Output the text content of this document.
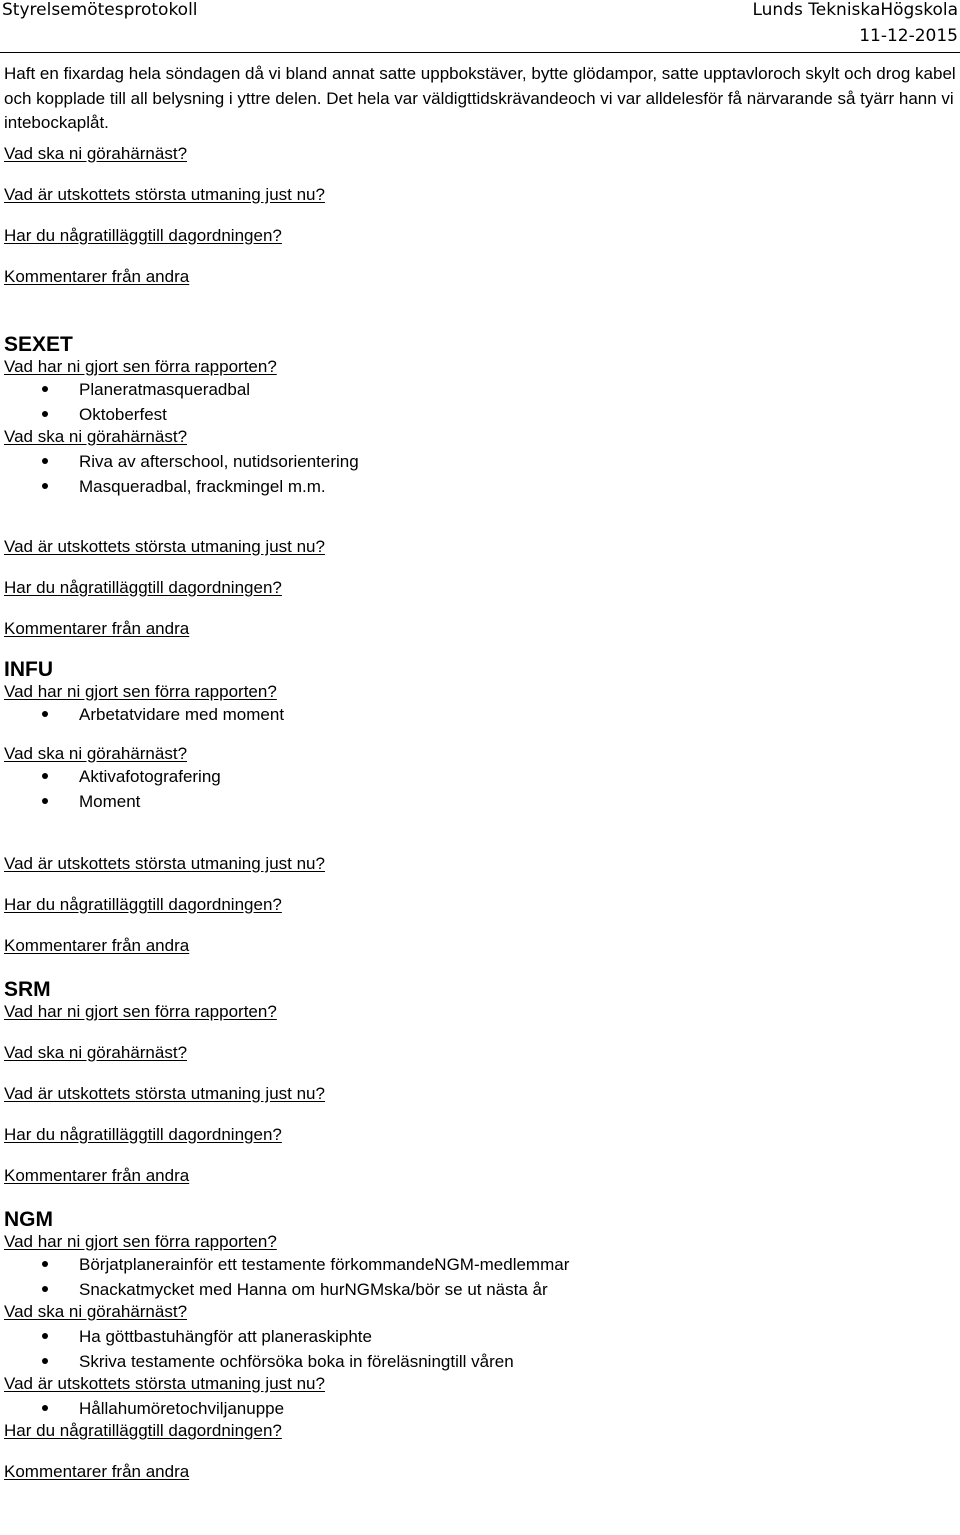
Styrelsemötesprotokoll	Lunds TekniskaHögskola
11-12-2015

Haft en fixardag hela söndagen då vi bland annat satte uppbokstäver, bytte glödampor, satte upptavloroch skylt och drog kabel och kopplade till all belysning i yttre delen. Det hela var väldigttidskrävandeoch vi var alldelesför få närvarande så tyärr hann vi intebockaplåt.

Vad ska ni görahärnäst?

Vad är utskottets största utmaning just nu?

Har du någratilläggtill dagordningen?

Kommentarer från andra

SEXET

Vad har ni gjort sen förra rapporten?

Planeratmasqueradbal
Oktoberfest

Vad ska ni görahärnäst?

Riva av afterschool, nutidsorientering
Masqueradbal, frackmingel m.m.

Vad är utskottets största utmaning just nu?

Har du någratilläggtill dagordningen?

Kommentarer från andra

INFU

Vad har ni gjort sen förra rapporten?

Arbetatvidare med moment

Vad ska ni görahärnäst?

Aktivafotografering
Moment

Vad är utskottets största utmaning just nu?

Har du någratilläggtill dagordningen?

Kommentarer från andra

SRM

Vad har ni gjort sen förra rapporten?

Vad ska ni görahärnäst?

Vad är utskottets största utmaning just nu?

Har du någratilläggtill dagordningen?

Kommentarer från andra

NGM

Vad har ni gjort sen förra rapporten?

Börjatplanerainför ett testamente förkommandeNGM-medlemmar
Snackatmycket med Hanna om hurNGMska/bör se ut nästa år

Vad ska ni görahärnäst?

Ha göttbastuhängför att planeraskiphte
Skriva testamente ochförsöka boka in föreläsningtill våren

Vad är utskottets största utmaning just nu?

Hållahumöretochviljanuppe

Har du någratilläggtill dagordningen?

Kommentarer från andra
